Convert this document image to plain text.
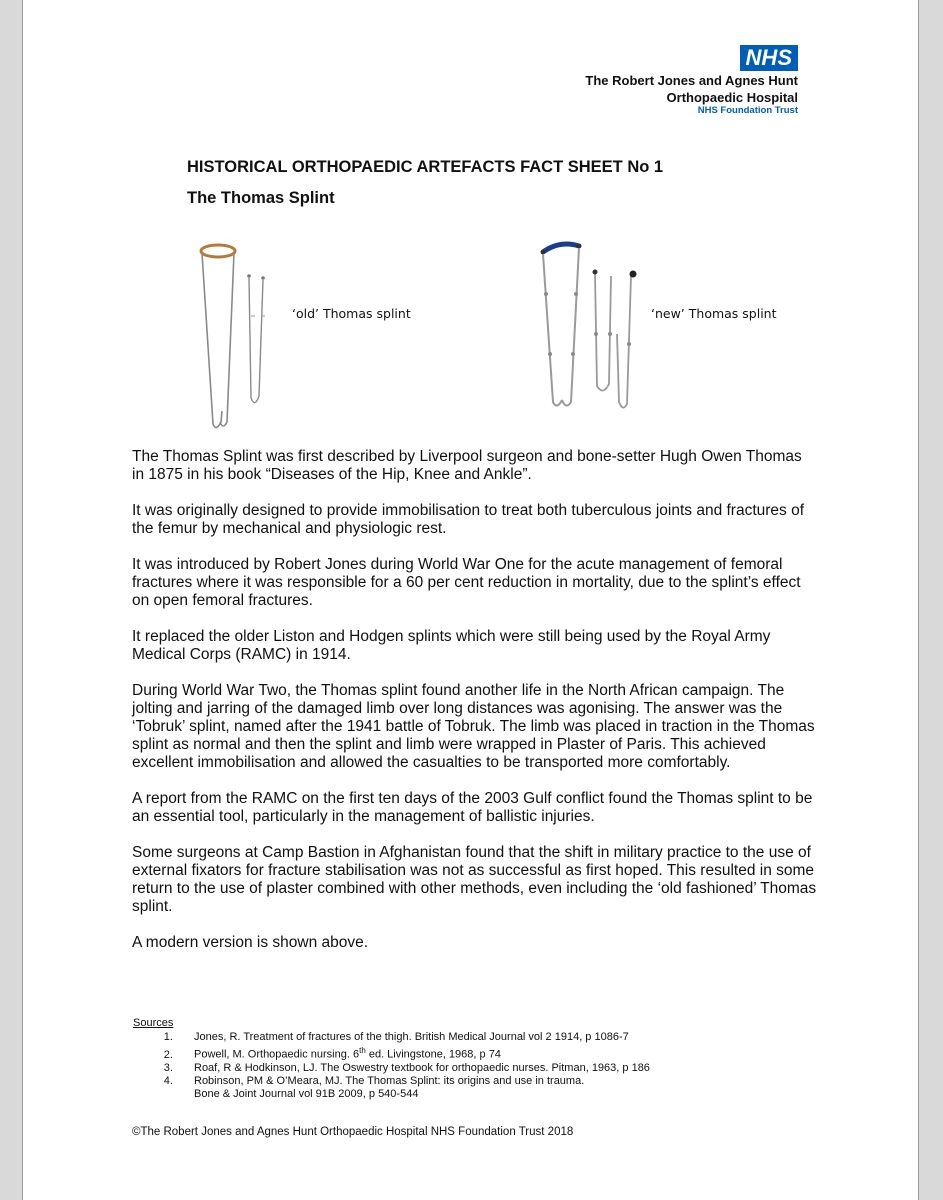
NHS
The Robert Jones and Agnes Hunt
Orthopaedic Hospital
NHS Foundation Trust
HISTORICAL ORTHOPAEDIC ARTEFACTS FACT SHEET No 1
The Thomas Splint
‘old’ Thomas splint	‘new’ Thomas splint

The Thomas Splint was first described by Liverpool surgeon and bone-setter Hugh Owen Thomas in 1875 in his book “Diseases of the Hip, Knee and Ankle”.

It was originally designed to provide immobilisation to treat both tuberculous joints and fractures of the femur by mechanical and physiologic rest.

It was introduced by Robert Jones during World War One for the acute management of femoral fractures where it was responsible for a 60 per cent reduction in mortality, due to the splint’s effect on open femoral fractures.

It replaced the older Liston and Hodgen splints which were still being used by the Royal Army Medical Corps (RAMC) in 1914.

During World War Two, the Thomas splint found another life in the North African campaign. The jolting and jarring of the damaged limb over long distances was agonising. The answer was the ‘Tobruk’ splint, named after the 1941 battle of Tobruk. The limb was placed in traction in the Thomas splint as normal and then the splint and limb were wrapped in Plaster of Paris. This achieved excellent immobilisation and allowed the casualties to be transported more comfortably.

A report from the RAMC on the first ten days of the 2003 Gulf conflict found the Thomas splint to be an essential tool, particularly in the management of ballistic injuries.

Some surgeons at Camp Bastion in Afghanistan found that the shift in military practice to the use of external fixators for fracture stabilisation was not as successful as first hoped. This resulted in some return to the use of plaster combined with other methods, even including the ‘old fashioned’ Thomas splint.

A modern version is shown above.

Sources
1. Jones, R. Treatment of fractures of the thigh. British Medical Journal vol 2 1914, p 1086-7
2. Powell, M. Orthopaedic nursing. 6th ed. Livingstone, 1968, p 74
3. Roaf, R & Hodkinson, LJ. The Oswestry textbook for orthopaedic nurses. Pitman, 1963, p 186
4. Robinson, PM & O’Meara, MJ. The Thomas Splint: its origins and use in trauma.
Bone & Joint Journal vol 91B 2009, p 540-544
©The Robert Jones and Agnes Hunt Orthopaedic Hospital NHS Foundation Trust 2018
